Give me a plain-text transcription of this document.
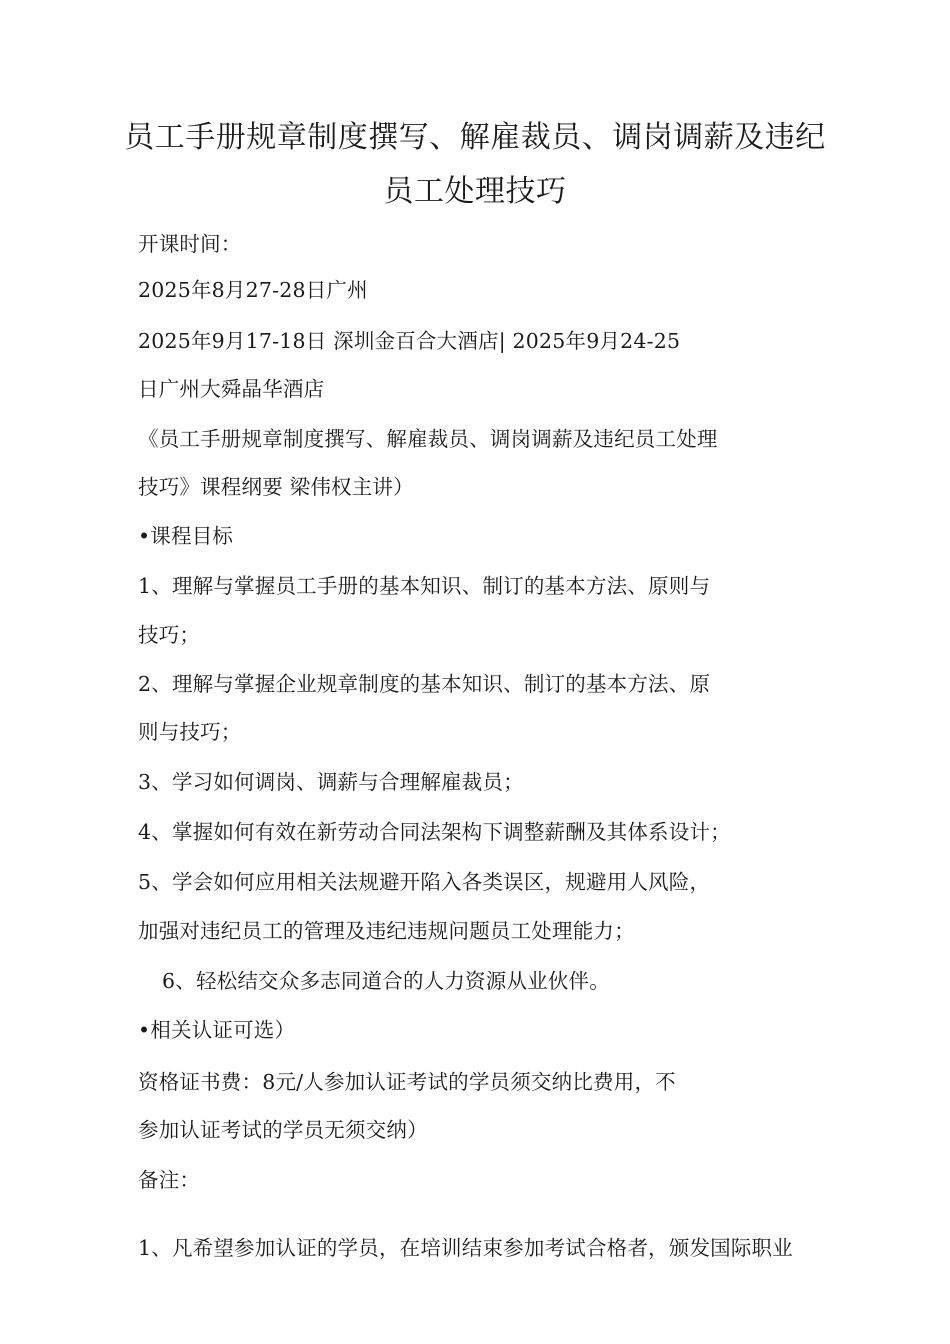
员工手册规章制度撰写、解雇裁员、调岗调薪及违纪
员工处理技巧
开课时间：
2025年8月27-28日广州
2025年9月17-18日 深圳金百合大酒店| 2025年9月24-25
日广州大舜晶华酒店
《员工手册规章制度撰写、解雇裁员、调岗调薪及违纪员工处理
技巧》课程纲要 梁伟权主讲）
•课程目标
1、理解与掌握员工手册的基本知识、制订的基本方法、原则与
技巧；
2、理解与掌握企业规章制度的基本知识、制订的基本方法、原
则与技巧；
3、学习如何调岗、调薪与合理解雇裁员；
4、掌握如何有效在新劳动合同法架构下调整薪酬及其体系设计；
5、学会如何应用相关法规避开陷入各类误区，规避用人风险，
加强对违纪员工的管理及违纪违规问题员工处理能力；
6、轻松结交众多志同道合的人力资源从业伙伴。
•相关认证可选）
资格证书费：8元/人参加认证考试的学员须交纳比费用，不
参加认证考试的学员无须交纳）
备注：
1、凡希望参加认证的学员，在培训结束参加考试合格者，颁发国际职业
